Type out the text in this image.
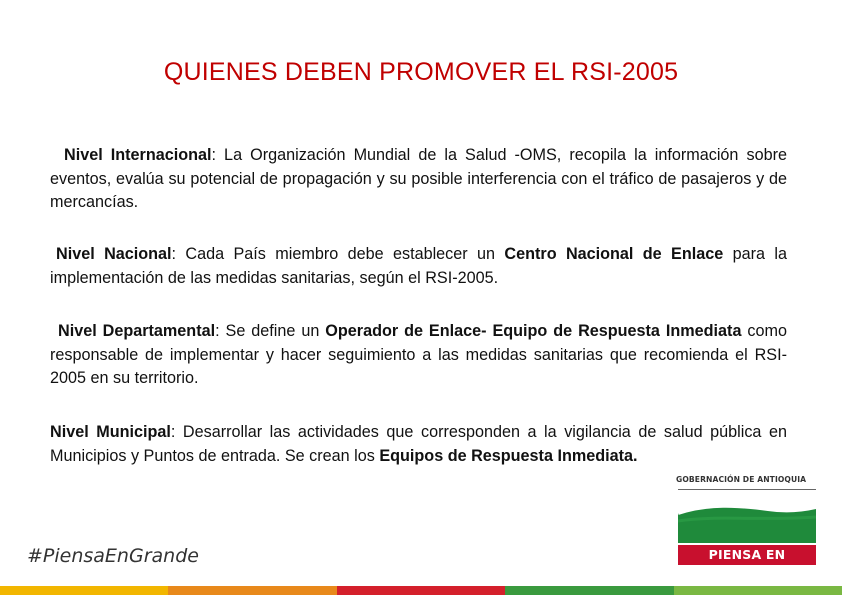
QUIENES DEBEN PROMOVER EL RSI-2005
Nivel Internacional: La Organización Mundial de la Salud -OMS, recopila la información sobre eventos, evalúa su potencial de propagación y su posible interferencia con el tráfico de pasajeros y de mercancías.
Nivel Nacional: Cada País miembro debe establecer un Centro Nacional de Enlace para la implementación de las medidas sanitarias, según el RSI-2005.
Nivel Departamental: Se define un Operador de Enlace- Equipo de Respuesta Inmediata como responsable de implementar y hacer seguimiento a las medidas sanitarias que recomienda el RSI-2005 en su territorio.
Nivel Municipal: Desarrollar las actividades que corresponden a la vigilancia de salud pública en Municipios y Puntos de entrada. Se crean los Equipos de Respuesta Inmediata.
#PiensaEnGrande
GOBERNACIÓN DE ANTIOQUIA
PIENSA EN GRANDE
